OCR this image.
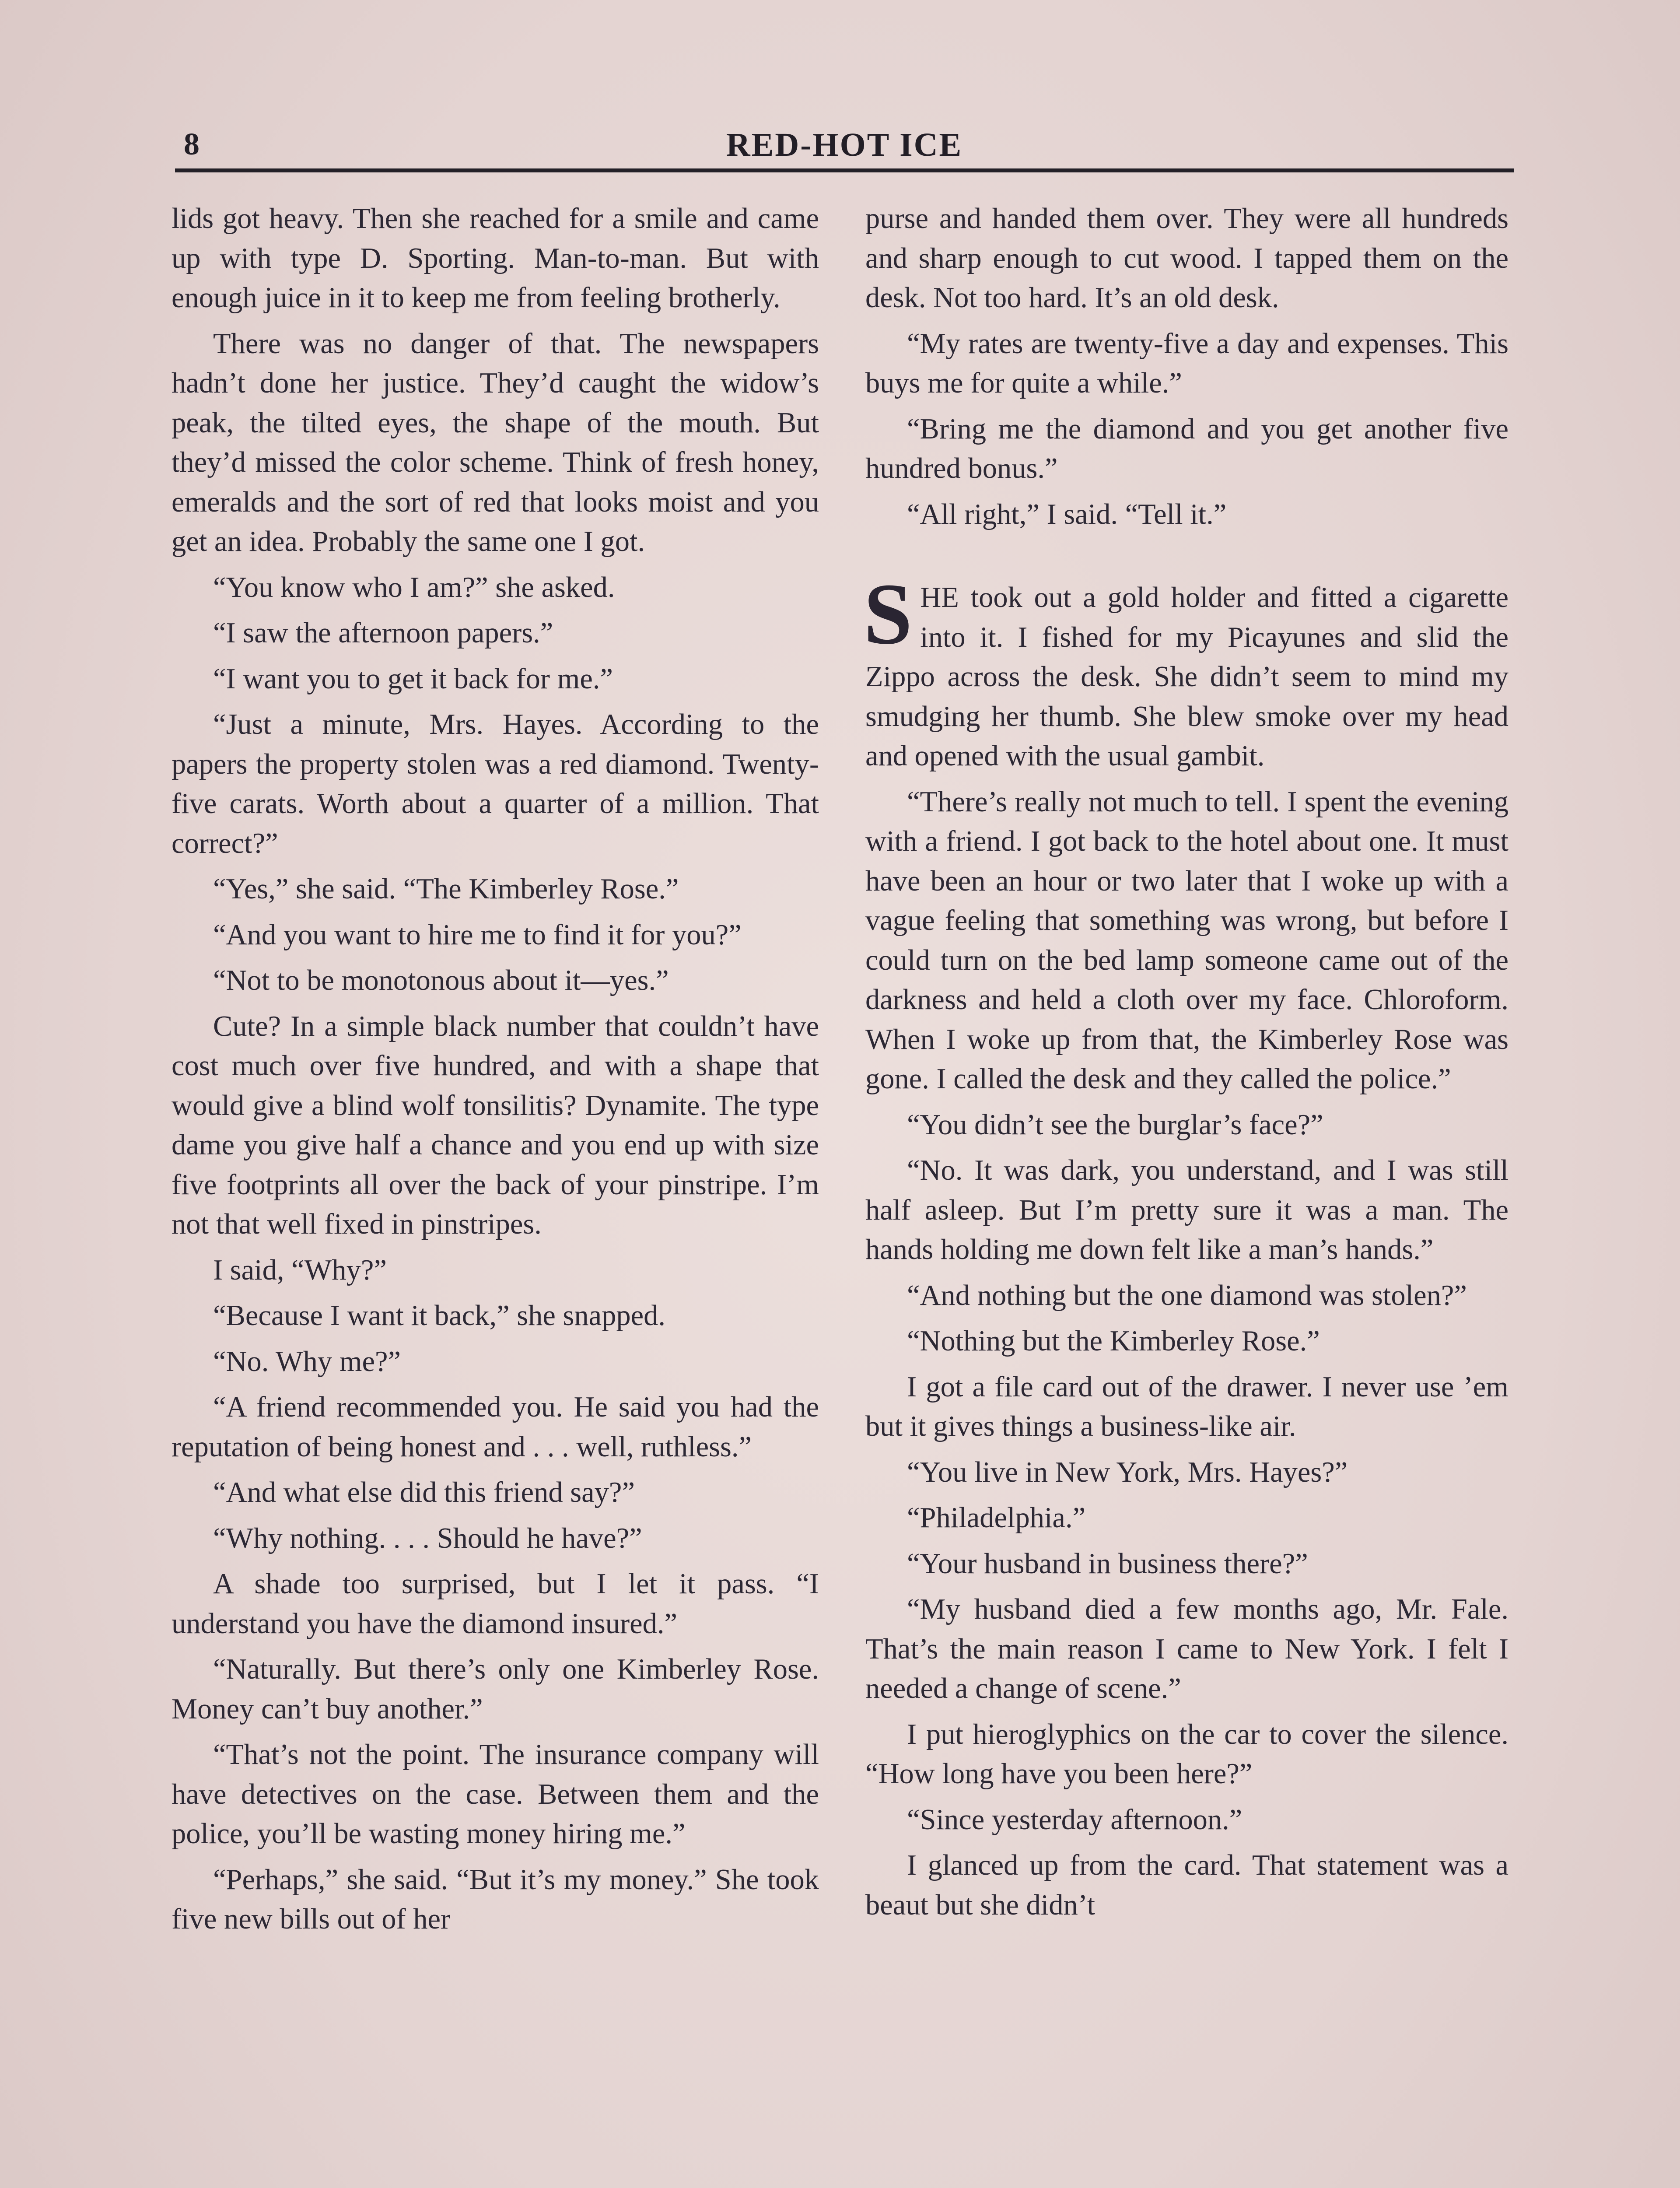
8	RED-HOT ICE

lids got heavy. Then she reached for a smile and came up with type D. Sporting. Man-to-man. But with enough juice in it to keep me from feeling brotherly.

There was no danger of that. The newspapers hadn’t done her justice. They’d caught the widow’s peak, the tilted eyes, the shape of the mouth. But they’d missed the color scheme. Think of fresh honey, emeralds and the sort of red that looks moist and you get an idea. Probably the same one I got.

“You know who I am?” she asked.

“I saw the afternoon papers.”

“I want you to get it back for me.”

“Just a minute, Mrs. Hayes. According to the papers the property stolen was a red diamond. Twenty-five carats. Worth about a quarter of a million. That correct?”

“Yes,” she said. “The Kimberley Rose.”

“And you want to hire me to find it for you?”

“Not to be monotonous about it—yes.”

Cute? In a simple black number that couldn’t have cost much over five hundred, and with a shape that would give a blind wolf tonsilitis? Dynamite. The type dame you give half a chance and you end up with size five footprints all over the back of your pinstripe. I’m not that well fixed in pinstripes.

I said, “Why?”

“Because I want it back,” she snapped.

“No. Why me?”

“A friend recommended you. He said you had the reputation of being honest and . . . well, ruthless.”

“And what else did this friend say?”

“Why nothing. . . . Should he have?”

A shade too surprised, but I let it pass. “I understand you have the diamond insured.”

“Naturally. But there’s only one Kimberley Rose. Money can’t buy another.”

“That’s not the point. The insurance company will have detectives on the case. Between them and the police, you’ll be wasting money hiring me.”

“Perhaps,” she said. “But it’s my money.” She took five new bills out of her

purse and handed them over. They were all hundreds and sharp enough to cut wood. I tapped them on the desk. Not too hard. It’s an old desk.

“My rates are twenty-five a day and expenses. This buys me for quite a while.”

“Bring me the diamond and you get another five hundred bonus.”

“All right,” I said. “Tell it.”

SHE took out a gold holder and fitted a cigarette into it. I fished for my Picayunes and slid the Zippo across the desk. She didn’t seem to mind my smudging her thumb. She blew smoke over my head and opened with the usual gambit.

“There’s really not much to tell. I spent the evening with a friend. I got back to the hotel about one. It must have been an hour or two later that I woke up with a vague feeling that something was wrong, but before I could turn on the bed lamp someone came out of the darkness and held a cloth over my face. Chloroform. When I woke up from that, the Kimberley Rose was gone. I called the desk and they called the police.”

“You didn’t see the burglar’s face?”

“No. It was dark, you understand, and I was still half asleep. But I’m pretty sure it was a man. The hands holding me down felt like a man’s hands.”

“And nothing but the one diamond was stolen?”

“Nothing but the Kimberley Rose.”

I got a file card out of the drawer. I never use ’em but it gives things a business-like air.

“You live in New York, Mrs. Hayes?”

“Philadelphia.”

“Your husband in business there?”

“My husband died a few months ago, Mr. Fale. That’s the main reason I came to New York. I felt I needed a change of scene.”

I put hieroglyphics on the car to cover the silence. “How long have you been here?”

“Since yesterday afternoon.”

I glanced up from the card. That statement was a beaut but she didn’t
